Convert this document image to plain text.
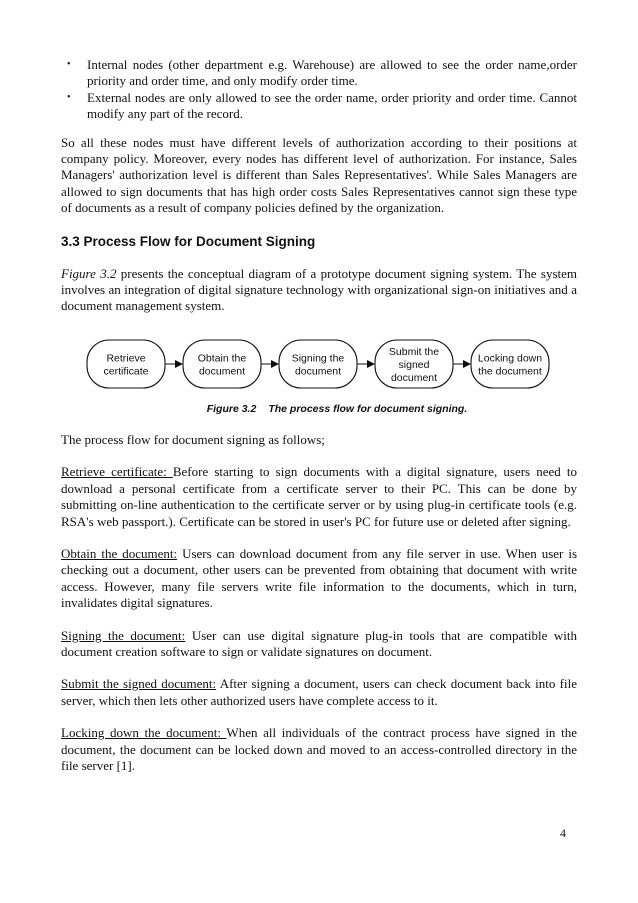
• Internal nodes (other department e.g. Warehouse) are allowed to see the order name,order priority and order time, and only modify order time.
• External nodes are only allowed to see the order name, order priority and order time. Cannot modify any part of the record.

So all these nodes must have different levels of authorization according to their positions at company policy. Moreover, every nodes has different level of authorization. For instance, Sales Managers' authorization level is different than Sales Representatives'. While Sales Managers are allowed to sign documents that has high order costs Sales Representatives cannot sign these type of documents as a result of company policies defined by the organization.

3.3 Process Flow for Document Signing

Figure 3.2 presents the conceptual diagram of a prototype document signing system. The system involves an integration of digital signature technology with organizational sign-on initiatives and a document management system.

Retrieve
certificate
Obtain the
document
Signing the
document
Submit the
signed
document
Locking down
the document
Figure 3.2 The process flow for document signing.

The process flow for document signing as follows;

Retrieve certificate: Before starting to sign documents with a digital signature, users need to download a personal certificate from a certificate server to their PC. This can be done by submitting on-line authentication to the certificate server or by using plug-in certificate tools (e.g. RSA's web passport.). Certificate can be stored in user's PC for future use or deleted after signing.

Obtain the document: Users can download document from any file server in use. When user is checking out a document, other users can be prevented from obtaining that document with write access. However, many file servers write file information to the documents, which in turn, invalidates digital signatures.

Signing the document: User can use digital signature plug-in tools that are compatible with document creation software to sign or validate signatures on document.

Submit the signed document: After signing a document, users can check document back into file server, which then lets other authorized users have complete access to it.

Locking down the document: When all individuals of the contract process have signed in the document, the document can be locked down and moved to an access-controlled directory in the file server [1].

4
